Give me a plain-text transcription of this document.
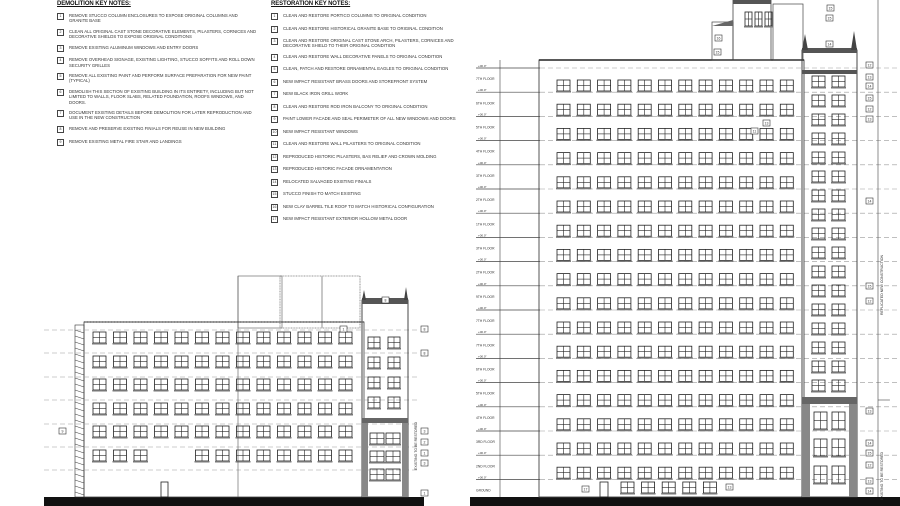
DEMOLITION KEY NOTES:
1	REMOVE STUCCO COLUMN ENCLOSURES TO EXPOSE ORIGINAL COLUMNS AND GRANITE BASE
2	CLEAN ALL ORIGINAL CAST STONE DECORATIVE ELEMENTS, PILASTERS, CORNICES AND DECORATIVE SHIELDS TO EXPOSE ORIGINAL CONDITIONS
3	REMOVE EXISTING ALUMINUM WINDOWS AND ENTRY DOORS
4	REMOVE OVERHEAD SIGNAGE, EXISTING LIGHTING, STUCCO SOFFITS AND ROLL DOWN SECURITY GRILLES
5	REMOVE ALL EXISTING PAINT AND PERFORM SURFACE PREPARATION FOR NEW PAINT (TYPICAL)
6	DEMOLISH THIS SECTION OF EXISTING BUILDING IN ITS ENTIRETY, INCLUDING BUT NOT LIMITED TO WALLS, FLOOR SLABS, RELATED FOUNDATION, ROOFS WINDOWS, AND DOORS.
7	DOCUMENT EXISTING DETAILS BEFORE DEMOLITION FOR LATER REPRODUCTION AND USE IN THE NEW CONSTRUCTION
8	REMOVE AND PRESERVE EXISTING FINIALS FOR REUSE IN NEW BUILDING
9	REMOVE EXISTING METAL FIRE STAIR AND LANDINGS
RESTORATION KEY NOTES:
1	CLEAN AND RESTORE PORTICO COLUMNS TO ORIGINAL CONDITION
2	CLEAN AND RESTORE HISTORICAL GRANITE BASE TO ORIGINAL CONDITION
3	CLEAN AND RESTORE ORIGINAL CAST STONE ARCH, PILASTERS, CORNICES AND DECORATIVE SHIELD TO THEIR ORIGINAL CONDITION
4	CLEAN AND RESTORE WALL DECORATIVE PANELS TO ORIGINAL CONDITION
5	CLEAN, PATCH AND RESTORE ORNAMENTAL EAGLES TO ORIGINAL CONDITION
6	NEW IMPACT RESISTANT BRASS DOORS AND STOREFRONT SYSTEM
7	NEW BLACK IRON GRILL WORK
8	CLEAN AND RESTORE ROD IRON BALCONY TO ORIGINAL CONDITION
9	PAINT LOWER FACADE AND SEAL PERIMETER OF ALL NEW WINDOWS AND DOORS
10	NEW IMPACT RESISTANT WINDOWS
11	CLEAN AND RESTORE WALL PILASTERS TO ORIGINAL CONDITION
12	REPRODUCED HISTORIC PILASTERS, BAS RELIEF AND CROWN MOLDING
13	REPRODUCED HISTORIC FACADE ORNAMENTATION
14	RELOCATED SALVAGED EXISTING FINIALS
15	STUCCO FINISH TO MATCH EXISTING
16	NEW CLAY BARREL TILE ROOF TO MATCH HISTORICAL CONFIGURATION
17	NEW IMPACT RESISTANT EXTERIOR HOLLOW METAL DOOR
8
1	8
8
3
2
1
3
1
9
+00.0"
7TH FLOOR
+00.0"
6TH FLOOR
+00.0"
5TH FLOOR
+00.0"
4TH FLOOR
+00.0"
3TH FLOOR
+00.0"
2TH FLOOR
+00.0"
1TH FLOOR
+00.0"
3TH FLOOR
+00.0"
2TH FLOOR
+00.0"
9TH FLOOR
+00.0"
7TH FLOOR
+00.0"
7TH FLOOR
+00.0"
6TH FLOOR
+00.0"
5TH FLOOR
+00.0"
4TH FLOOR
+00.0"
3RD FLOOR
+00.0"
2ND FLOOR
+00.0"
GROUND	17	13
16
15
15
15
14
12
13
14
15
12
13
14
15
12
13
14
15
12
13
14
13
11
EXISTING TO BE RESTORED
EXISTING TO BE RESTORED
REPLICATED NEW CONSTRUCTION
